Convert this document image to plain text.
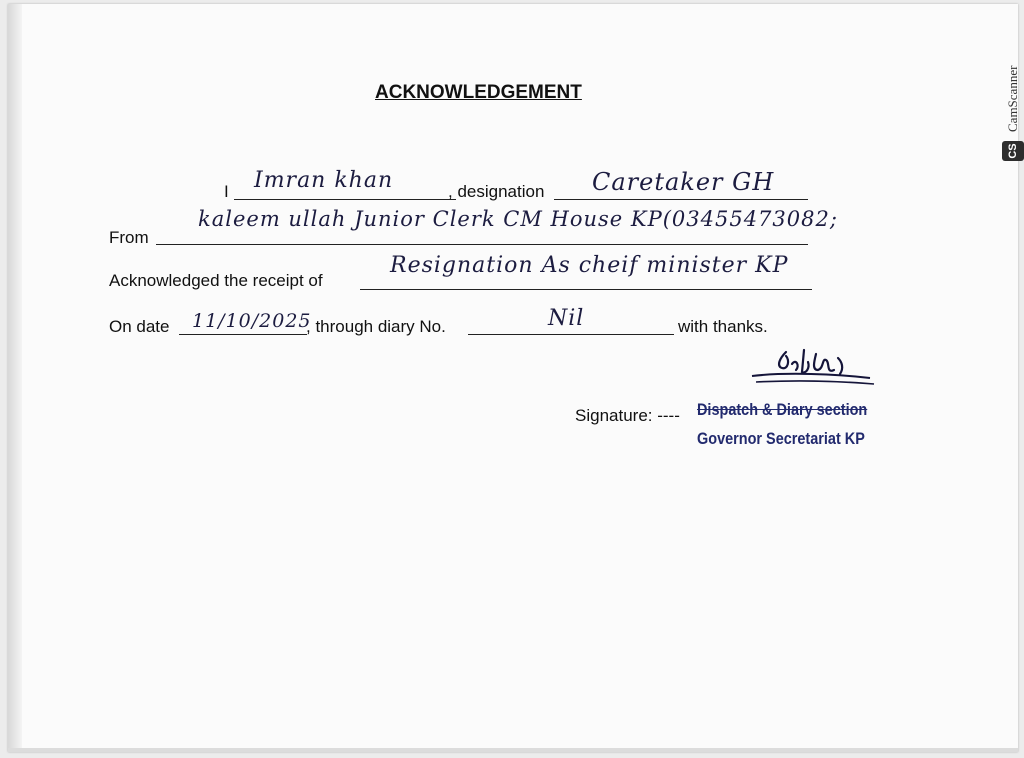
ACKNOWLEDGEMENT
I Imran khan	, designation Caretaker GH
From
kaleem ullah Junior Clerk CM House KP(03455473082;
Acknowledged the receipt of
Resignation As cheif minister KP
On date 11/10/2025
, through diary No.	Nil	with thanks.
Signature: ---- Dispatch & Diary section
Governor Secretariat KP
CamScanner
CS
